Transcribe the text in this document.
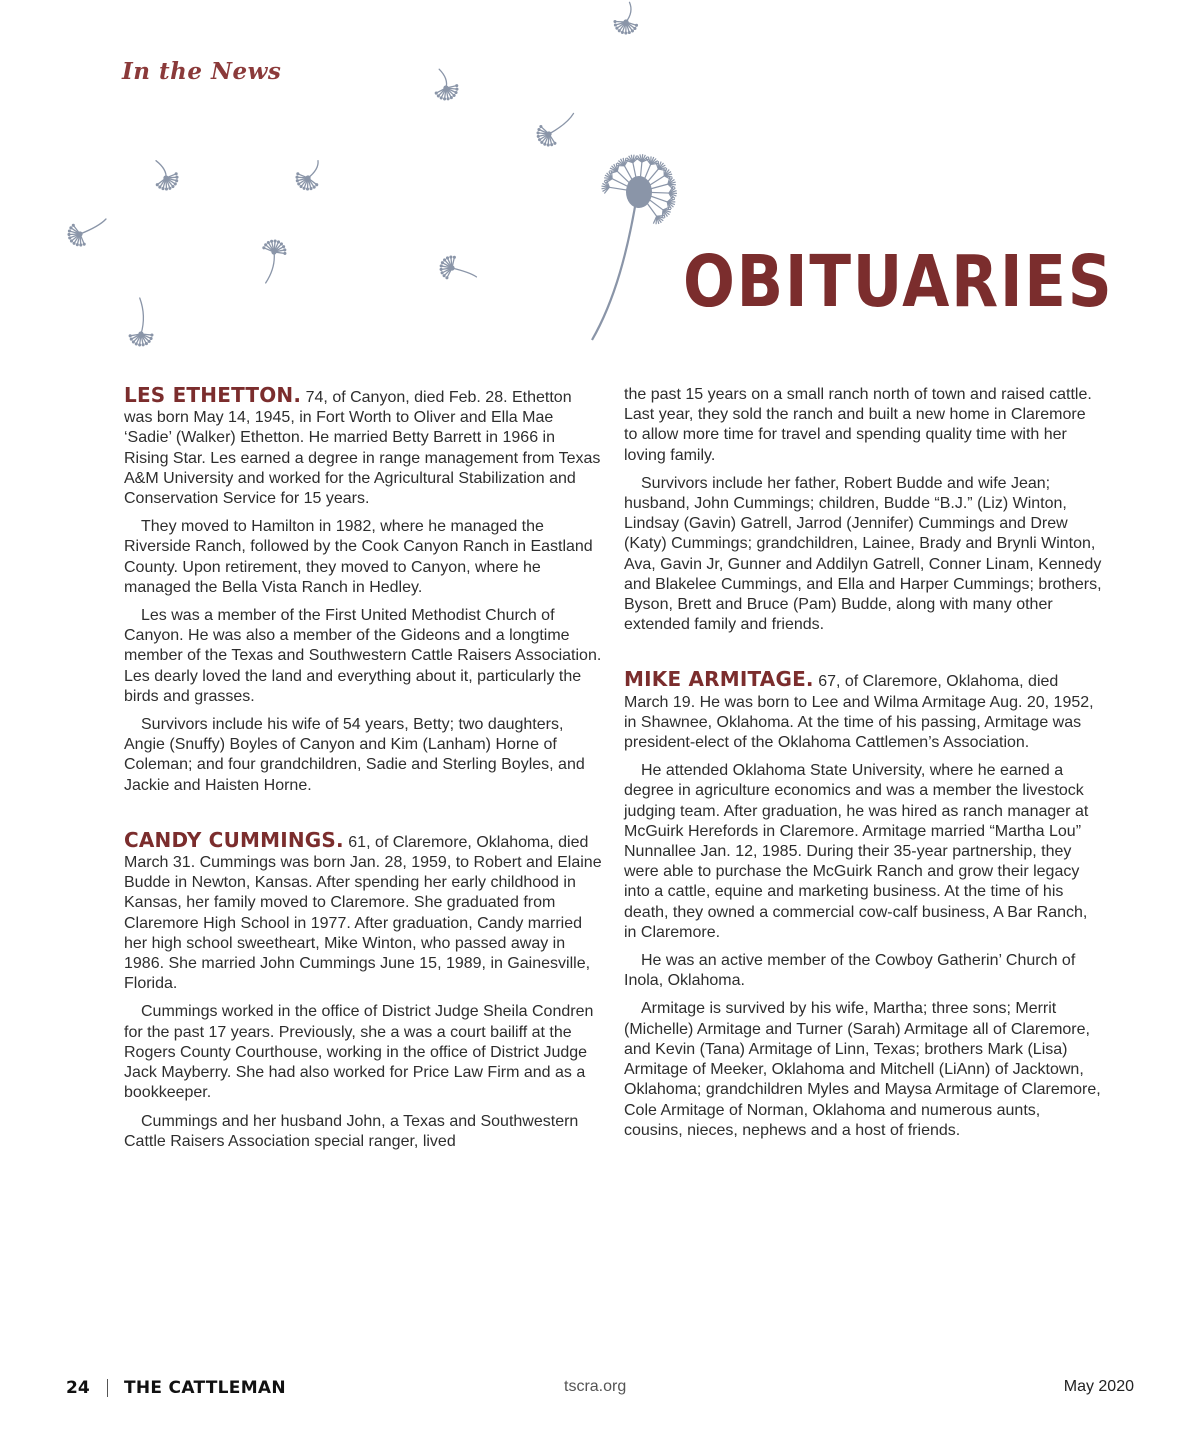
In the News
OBITUARIES

LES ETHETTON. 74, of Canyon, died Feb. 28. Ethetton was born May 14, 1945, in Fort Worth to Oliver and Ella Mae ‘Sadie’ (Walker) Ethetton. He married Betty Barrett in 1966 in Rising Star. Les earned a degree in range management from Texas A&M University and worked for the Agricultural Stabilization and Conservation Service for 15 years.

They moved to Hamilton in 1982, where he managed the Riverside Ranch, followed by the Cook Canyon Ranch in Eastland County. Upon retirement, they moved to Canyon, where he managed the Bella Vista Ranch in Hedley.

Les was a member of the First United Methodist Church of Canyon. He was also a member of the Gideons and a longtime member of the Texas and Southwestern Cattle Raisers Association. Les dearly loved the land and everything about it, particularly the birds and grasses.

Survivors include his wife of 54 years, Betty; two daughters, Angie (Snuffy) Boyles of Canyon and Kim (Lanham) Horne of Coleman; and four grandchildren, Sadie and Sterling Boyles, and Jackie and Haisten Horne.

CANDY CUMMINGS. 61, of Claremore, Oklahoma, died March 31. Cummings was born Jan. 28, 1959, to Robert and Elaine Budde in Newton, Kansas. After spending her early childhood in Kansas, her family moved to Claremore. She graduated from Claremore High School in 1977. After graduation, Candy married her high school sweetheart, Mike Winton, who passed away in 1986. She married John Cummings June 15, 1989, in Gainesville, Florida.

Cummings worked in the office of District Judge Sheila Condren for the past 17 years. Previously, she a was a court bailiff at the Rogers County Courthouse, working in the office of District Judge Jack Mayberry. She had also worked for Price Law Firm and as a bookkeeper.

Cummings and her husband John, a Texas and Southwestern Cattle Raisers Association special ranger, lived

the past 15 years on a small ranch north of town and raised cattle. Last year, they sold the ranch and built a new home in Claremore to allow more time for travel and spending quality time with her loving family.

Survivors include her father, Robert Budde and wife Jean; husband, John Cummings; children, Budde “B.J.” (Liz) Winton, Lindsay (Gavin) Gatrell, Jarrod (Jennifer) Cummings and Drew (Katy) Cummings; grandchildren, Lainee, Brady and Brynli Winton, Ava, Gavin Jr, Gunner and Addilyn Gatrell, Conner Linam, Kennedy and Blakelee Cummings, and Ella and Harper Cummings; brothers, Byson, Brett and Bruce (Pam) Budde, along with many other extended family and friends.

MIKE ARMITAGE. 67, of Claremore, Oklahoma, died March 19. He was born to Lee and Wilma Armitage Aug. 20, 1952, in Shawnee, Oklahoma. At the time of his passing, Armitage was president-elect of the Oklahoma Cattlemen’s Association.

He attended Oklahoma State University, where he earned a degree in agriculture economics and was a member the livestock judging team. After graduation, he was hired as ranch manager at McGuirk Herefords in Claremore. Armitage married “Martha Lou” Nunnallee Jan. 12, 1985. During their 35-year partnership, they were able to purchase the McGuirk Ranch and grow their legacy into a cattle, equine and marketing business. At the time of his death, they owned a commercial cow-calf business, A Bar Ranch, in Claremore.

He was an active member of the Cowboy Gatherin’ Church of Inola, Oklahoma.

Armitage is survived by his wife, Martha; three sons; Merrit (Michelle) Armitage and Turner (Sarah) Armitage all of Claremore, and Kevin (Tana) Armitage of Linn, Texas; brothers Mark (Lisa) Armitage of Meeker, Oklahoma and Mitchell (LiAnn) of Jacktown, Oklahoma; grandchildren Myles and Maysa Armitage of Claremore, Cole Armitage of Norman, Oklahoma and numerous aunts, cousins, nieces, nephews and a host of friends.

24 THE CATTLEMAN	tscra.org	May 2020
